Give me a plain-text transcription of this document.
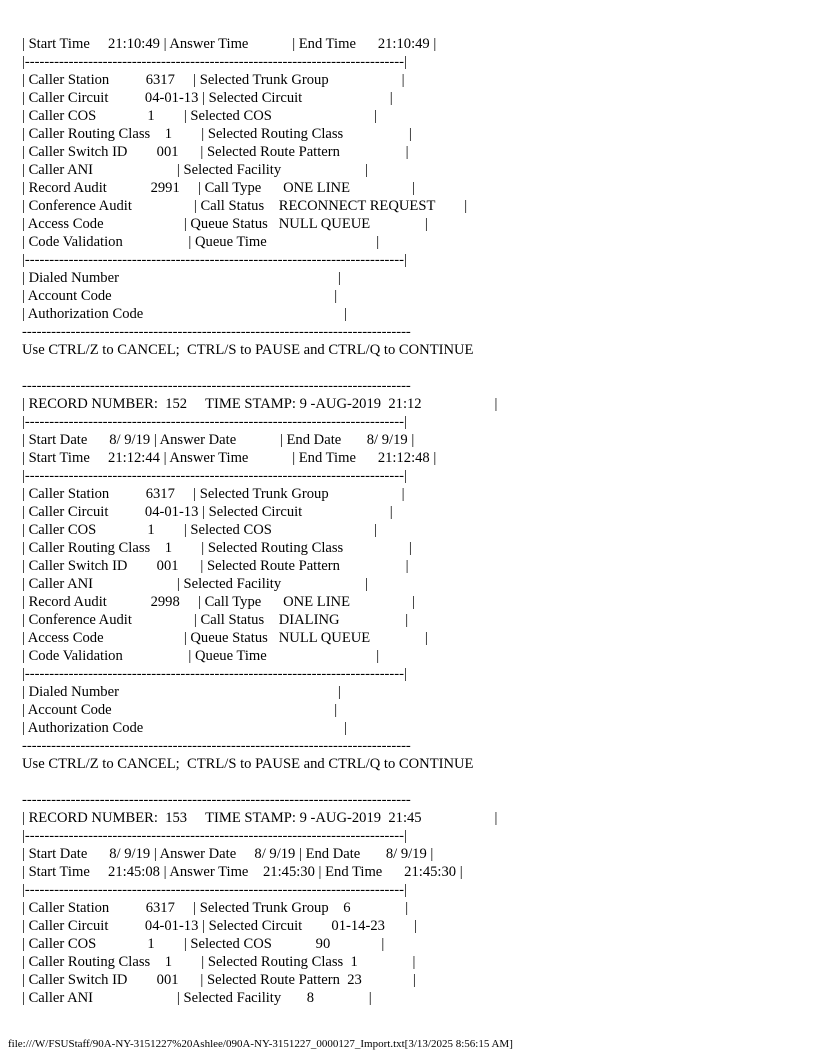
| Start Time     21:10:49 | Answer Time            | End Time      21:10:49 |
|------------------------------------------------------------------------------|
| Caller Station          6317     | Selected Trunk Group                    |
| Caller Circuit          04-01-13 | Selected Circuit                        |
| Caller COS              1        | Selected COS                            |
| Caller Routing Class    1        | Selected Routing Class                  |
| Caller Switch ID        001      | Selected Route Pattern                  |
| Caller ANI                       | Selected Facility                       |
| Record Audit            2991     | Call Type      ONE LINE                 |
| Conference Audit                 | Call Status    RECONNECT REQUEST        |
| Access Code                      | Queue Status   NULL QUEUE               |
| Code Validation                  | Queue Time                              |
|------------------------------------------------------------------------------|
| Dialed Number                                                            |
| Account Code                                                             |
| Authorization Code                                                       |
--------------------------------------------------------------------------------
Use CTRL/Z to CANCEL;  CTRL/S to PAUSE and CTRL/Q to CONTINUE
--------------------------------------------------------------------------------
| RECORD NUMBER:  152     TIME STAMP: 9 -AUG-2019  21:12                    |
|------------------------------------------------------------------------------|
| Start Date      8/ 9/19 | Answer Date            | End Date       8/ 9/19 |
| Start Time     21:12:44 | Answer Time            | End Time      21:12:48 |
|------------------------------------------------------------------------------|
| Caller Station          6317     | Selected Trunk Group                    |
| Caller Circuit          04-01-13 | Selected Circuit                        |
| Caller COS              1        | Selected COS                            |
| Caller Routing Class    1        | Selected Routing Class                  |
| Caller Switch ID        001      | Selected Route Pattern                  |
| Caller ANI                       | Selected Facility                       |
| Record Audit            2998     | Call Type      ONE LINE                 |
| Conference Audit                 | Call Status    DIALING                  |
| Access Code                      | Queue Status   NULL QUEUE               |
| Code Validation                  | Queue Time                              |
|------------------------------------------------------------------------------|
| Dialed Number                                                            |
| Account Code                                                             |
| Authorization Code                                                       |
--------------------------------------------------------------------------------
Use CTRL/Z to CANCEL;  CTRL/S to PAUSE and CTRL/Q to CONTINUE
--------------------------------------------------------------------------------
| RECORD NUMBER:  153     TIME STAMP: 9 -AUG-2019  21:45                    |
|------------------------------------------------------------------------------|
| Start Date      8/ 9/19 | Answer Date     8/ 9/19 | End Date       8/ 9/19 |
| Start Time     21:45:08 | Answer Time    21:45:30 | End Time      21:45:30 |
|------------------------------------------------------------------------------|
| Caller Station          6317     | Selected Trunk Group    6               |
| Caller Circuit          04-01-13 | Selected Circuit        01-14-23        |
| Caller COS              1        | Selected COS            90              |
| Caller Routing Class    1        | Selected Routing Class  1               |
| Caller Switch ID        001      | Selected Route Pattern  23              |
| Caller ANI                       | Selected Facility       8               |
file:///W/FSUStaff/90A-NY-3151227%20Ashlee/090A-NY-3151227_0000127_Import.txt[3/13/2025 8:56:15 AM]
